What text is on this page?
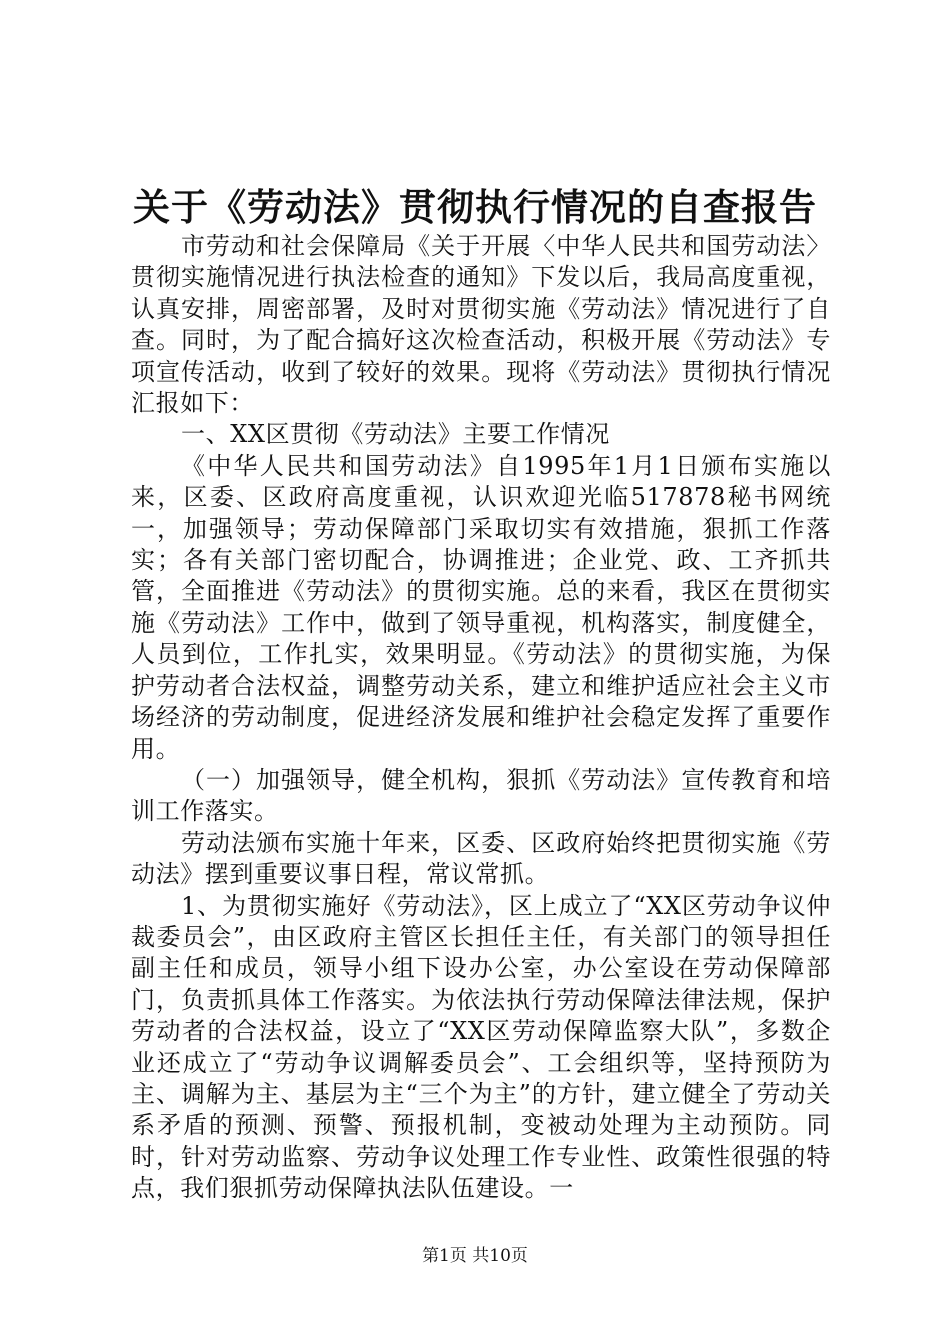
关于《劳动法》贯彻执行情况的自查报告

市劳动和社会保障局《关于开展〈中华人民共和国劳动法〉贯彻实施情况进行执法检查的通知》下发以后，我局高度重视，认真安排，周密部署，及时对贯彻实施《劳动法》情况进行了自查。同时，为了配合搞好这次检查活动，积极开展《劳动法》专项宣传活动，收到了较好的效果。现将《劳动法》贯彻执行情况汇报如下：

一、XX区贯彻《劳动法》主要工作情况

《中华人民共和国劳动法》自1995年1月1日颁布实施以来，区委、区政府高度重视，认识欢迎光临517878秘书网统一，加强领导；劳动保障部门采取切实有效措施，狠抓工作落实；各有关部门密切配合，协调推进；企业党、政、工齐抓共管，全面推进《劳动法》的贯彻实施。总的来看，我区在贯彻实施《劳动法》工作中，做到了领导重视，机构落实，制度健全，人员到位，工作扎实，效果明显。《劳动法》的贯彻实施，为保护劳动者合法权益，调整劳动关系，建立和维护适应社会主义市场经济的劳动制度，促进经济发展和维护社会稳定发挥了重要作用。

（一）加强领导，健全机构，狠抓《劳动法》宣传教育和培训工作落实。

劳动法颁布实施十年来，区委、区政府始终把贯彻实施《劳动法》摆到重要议事日程，常议常抓。

1、为贯彻实施好《劳动法》，区上成立了“XX区劳动争议仲裁委员会”，由区政府主管区长担任主任，有关部门的领导担任副主任和成员，领导小组下设办公室，办公室设在劳动保障部门，负责抓具体工作落实。为依法执行劳动保障法律法规，保护劳动者的合法权益，设立了“XX区劳动保障监察大队”，多数企业还成立了“劳动争议调解委员会”、工会组织等，坚持预防为主、调解为主、基层为主“三个为主”的方针，建立健全了劳动关系矛盾的预测、预警、预报机制，变被动处理为主动预防。同时，针对劳动监察、劳动争议处理工作专业性、政策性很强的特点，我们狠抓劳动保障执法队伍建设。一

第1页 共10页
